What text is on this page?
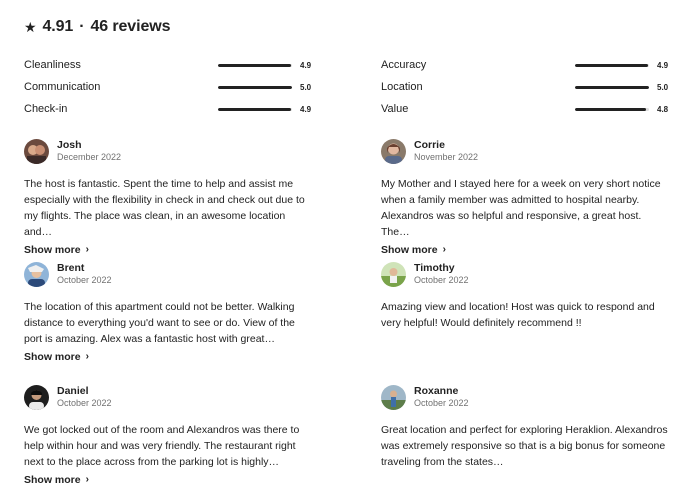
★ 4.91 · 46 reviews
Cleanliness	4.9
Communication	5.0
Check-in	4.9
Accuracy	4.9
Location	5.0
Value	4.8
Josh
December 2022

The host is fantastic. Spent the time to help and assist me especially with the flexibility in check in and check out due to my flights. The place was clean, in an awesome location and…

Show more ›
Corrie
November 2022

My Mother and I stayed here for a week on very short notice when a family member was admitted to hospital nearby. Alexandros was so helpful and responsive, a great host. The…

Show more ›
Brent
October 2022

The location of this apartment could not be better. Walking distance to everything you'd want to see or do. View of the port is amazing. Alex was a fantastic host with great…

Show more ›
Timothy
October 2022

Amazing view and location! Host was quick to respond and very helpful! Would definitely recommend !!

Daniel
October 2022

We got locked out of the room and Alexandros was there to help within hour and was very friendly. The restaurant right next to the place across from the parking lot is highly…

Show more ›
Roxanne
October 2022

Great location and perfect for exploring Heraklion. Alexandros was extremely responsive so that is a big bonus for someone traveling from the states…
